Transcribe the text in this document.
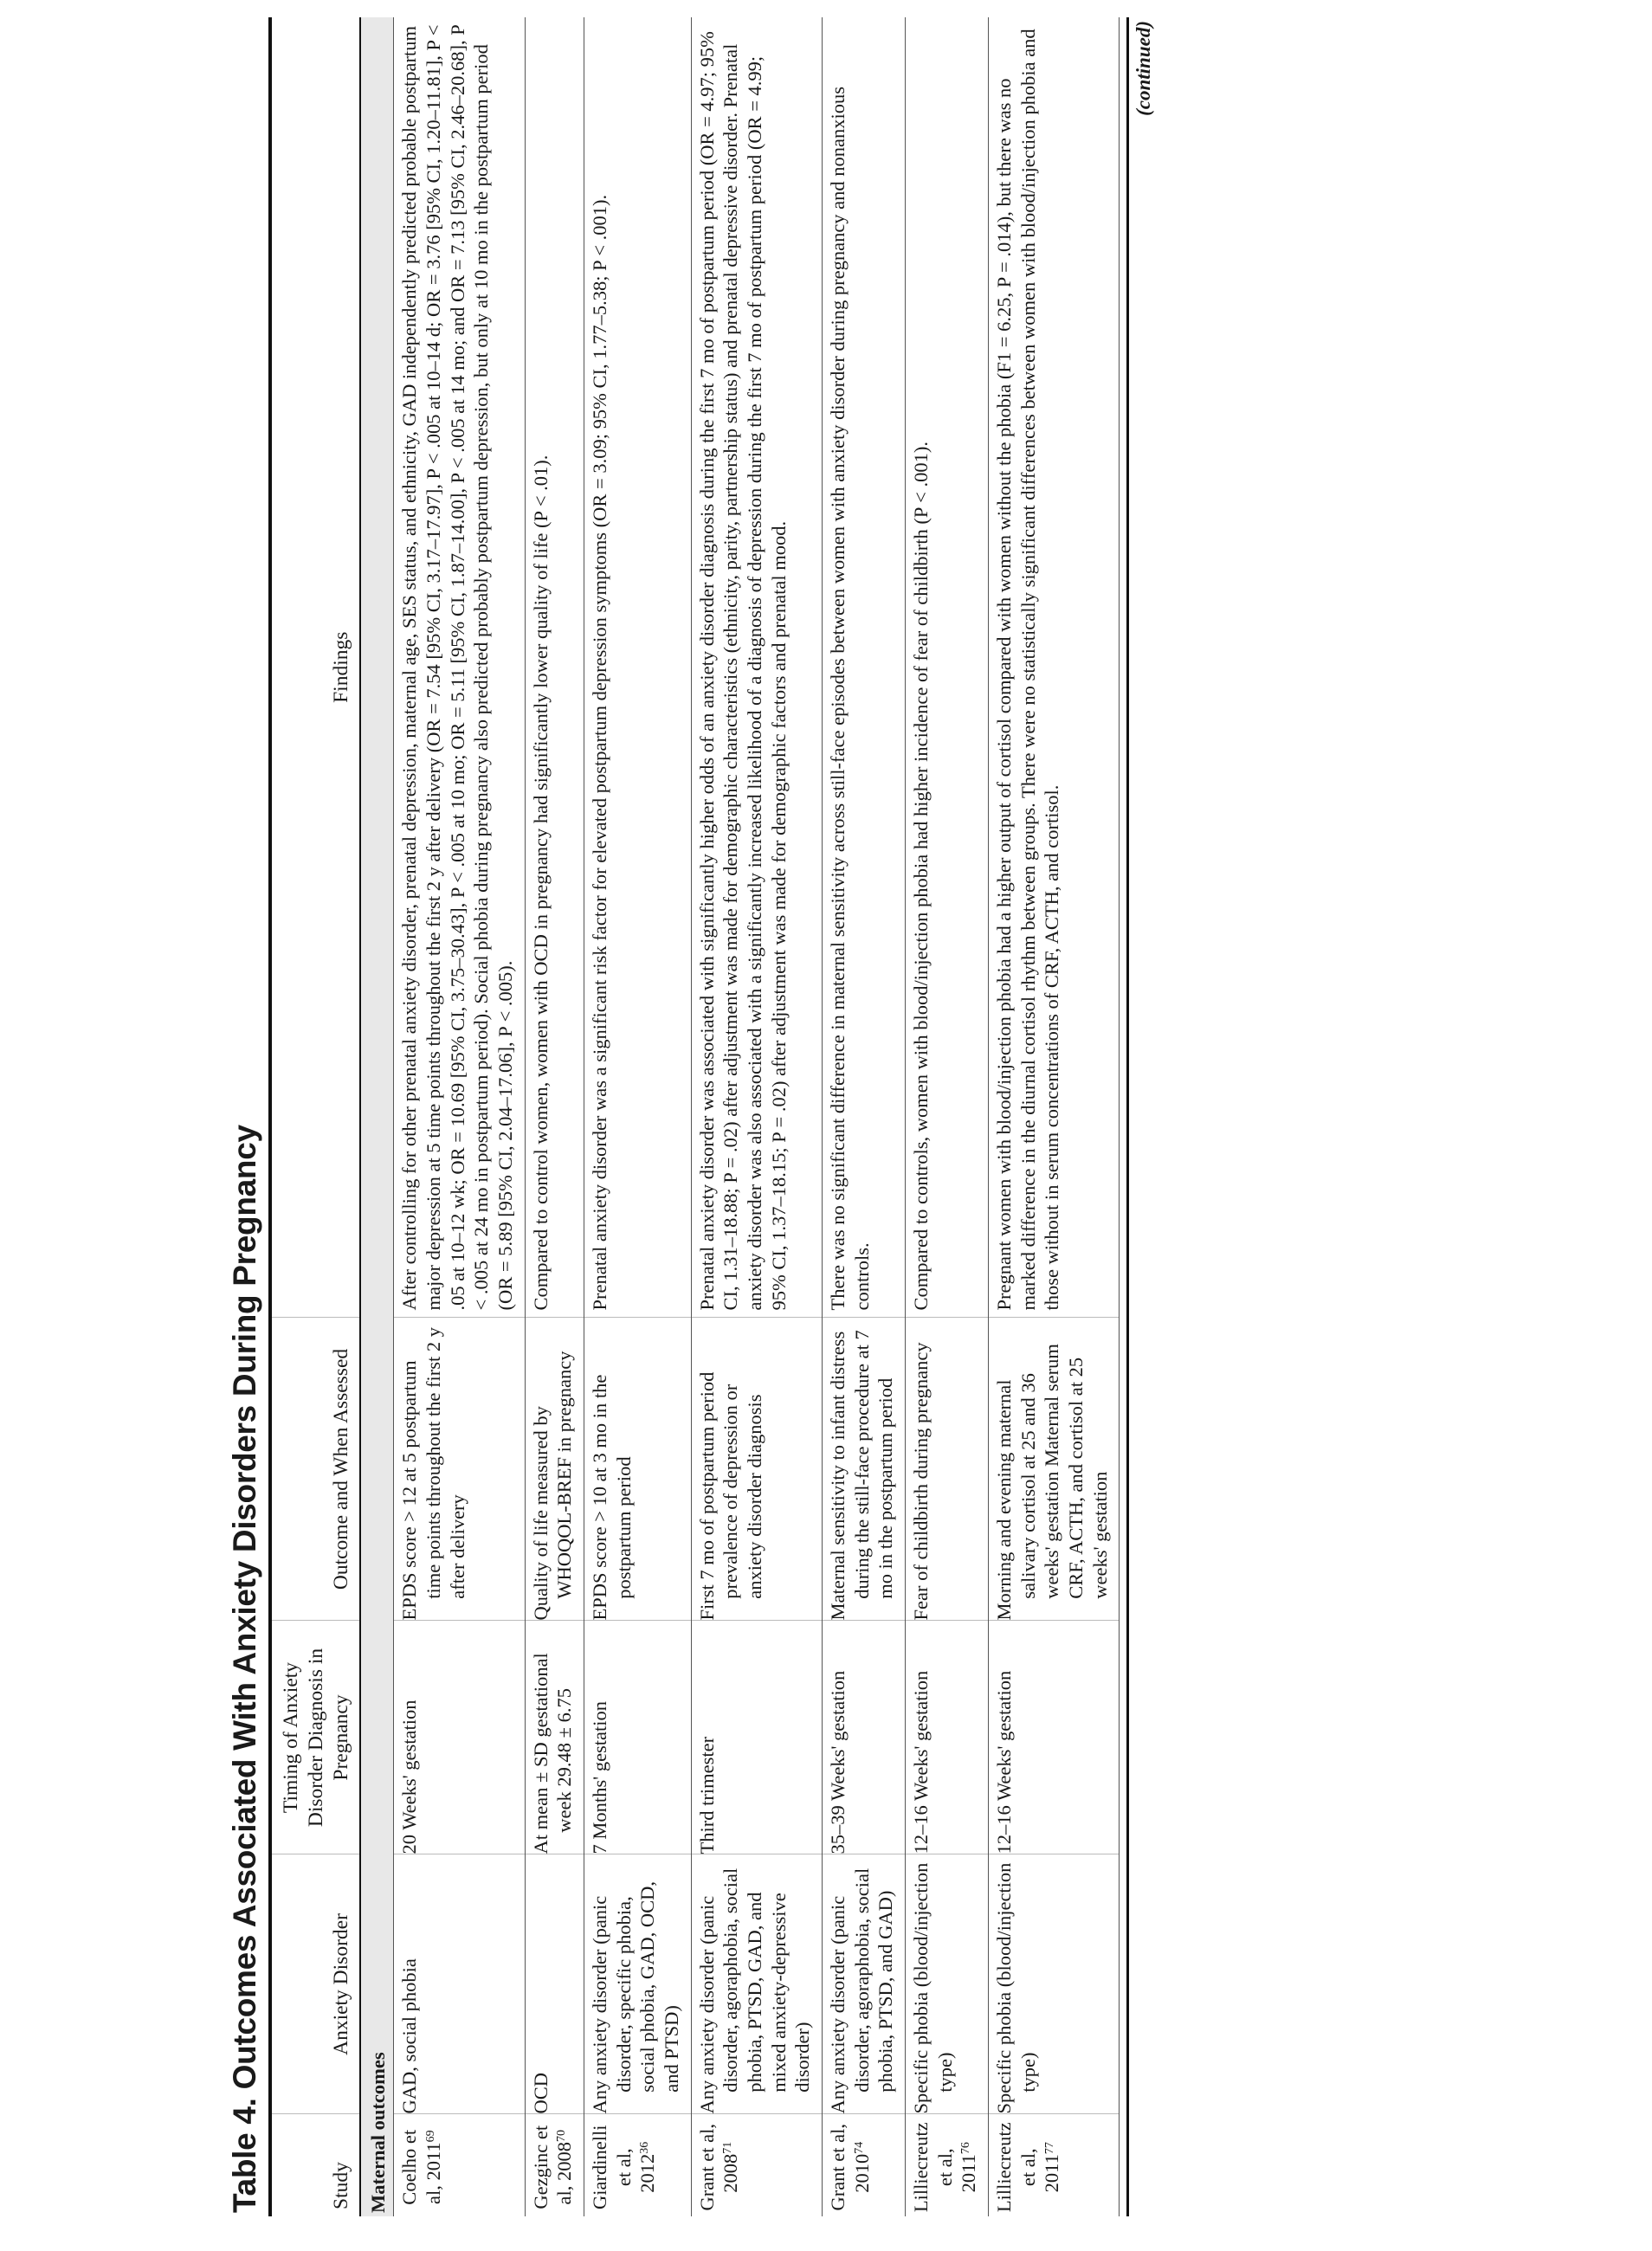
Table 4. Outcomes Associated With Anxiety Disorders During Pregnancy	Study	Anxiety Disorder	Timing of Anxiety Disorder Diagnosis in Pregnancy	Outcome and When Assessed	Findings
Maternal outcomes				
Coelho et al, 2011$^{69}$	GAD, social phobia	20 Weeks' gestation	EPDS score > 12 at 5 postpartum time points throughout the first 2 y after delivery	After controlling for other prenatal anxiety disorder, prenatal depression, maternal age, SES status, and ethnicity, GAD independently predicted probable postpartum major depression at 5 time points throughout the first 2 y after delivery (OR = 7.54 [95% CI, 3.17–17.97], P < .005 at 10–14 d; OR = 3.76 [95% CI, 1.20–11.81], P < .05 at 10–12 wk; OR = 10.69 [95% CI, 3.75–30.43], P < .005 at 10 mo; OR = 5.11 [95% CI, 1.87–14.00], P < .005 at 14 mo; and OR = 7.13 [95% CI, 2.46–20.68], P < .005 at 24 mo in postpartum period). Social phobia during pregnancy also predicted probably postpartum depression, but only at 10 mo in the postpartum period (OR = 5.89 [95% CI, 2.04–17.06], P < .005).
Gezginc et al, 2008$^{70}$	OCD	At mean ± SD gestational week 29.48 ± 6.75	Quality of life measured by WHOQOL-BREF in pregnancy	Compared to control women, women with OCD in pregnancy had significantly lower quality of life (P < .01).
Giardinelli et al, 2012$^{36}$	Any anxiety disorder (panic disorder, specific phobia, social phobia, GAD, OCD, and PTSD)	7 Months' gestation	EPDS score > 10 at 3 mo in the postpartum period	Prenatal anxiety disorder was a significant risk factor for elevated postpartum depression symptoms (OR = 3.09; 95% CI, 1.77–5.38; P < .001).
Grant et al, 2008$^{71}$	Any anxiety disorder (panic disorder, agoraphobia, social phobia, PTSD, GAD, and mixed anxiety-depressive disorder)	Third trimester	First 7 mo of postpartum period prevalence of depression or anxiety disorder diagnosis	Prenatal anxiety disorder was associated with significantly higher odds of an anxiety disorder diagnosis during the first 7 mo of postpartum period (OR = 4.97; 95% CI, 1.31–18.88; P = .02) after adjustment was made for demographic characteristics (ethnicity, parity, partnership status) and prenatal depressive disorder. Prenatal anxiety disorder was also associated with a significantly increased likelihood of a diagnosis of depression during the first 7 mo of postpartum period (OR = 4.99; 95% CI, 1.37–18.15; P = .02) after adjustment was made for demographic factors and prenatal mood.
Grant et al, 2010$^{74}$	Any anxiety disorder (panic disorder, agoraphobia, social phobia, PTSD, and GAD)	35–39 Weeks' gestation	Maternal sensitivity to infant distress during the still-face procedure at 7 mo in the postpartum period	There was no significant difference in maternal sensitivity across still-face episodes between women with anxiety disorder during pregnancy and nonanxious controls.
Lilliecreutz et al, 2011$^{76}$	Specific phobia (blood/injection type)	12–16 Weeks' gestation	Fear of childbirth during pregnancy	Compared to controls, women with blood/injection phobia had higher incidence of fear of childbirth (P < .001).
Lilliecreutz et al, 2011$^{77}$	Specific phobia (blood/injection type)	12–16 Weeks' gestation	Morning and evening maternal salivary cortisol at 25 and 36 weeks' gestation Maternal serum CRF, ACTH, and cortisol at 25 weeks' gestation	Pregnant women with blood/injection phobia had a higher output of cortisol compared with women without the phobia (F1 = 6.25, P = .014), but there was no marked difference in the diurnal cortisol rhythm between groups. There were no statistically significant differences between women with blood/injection phobia and those without in serum concentrations of CRF, ACTH, and cortisol.
(continued)
